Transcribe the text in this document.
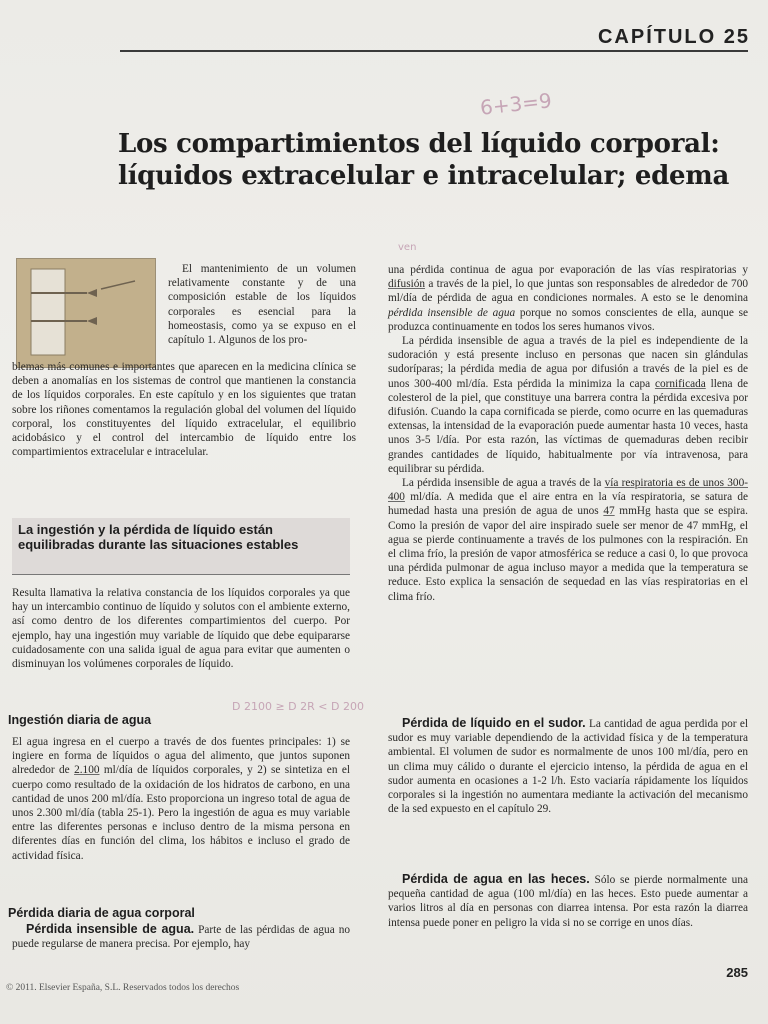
CAPÍTULO 25
6+3=9
Los compartimientos del líquido corporal:
líquidos extracelular e intracelular; edema

El mantenimiento de un volumen relativamente constante y de una composición estable de los líquidos corporales es esencial para la homeostasis, como ya se expuso en el capítulo 1. Algunos de los pro-

blemas más comunes e importantes que aparecen en la medicina clínica se deben a anomalías en los sistemas de control que mantienen la constancia de los líquidos corporales. En este capítulo y en los siguientes que tratan sobre los riñones comentamos la regulación global del volumen del líquido corporal, los constituyentes del líquido extracelular, el equilibrio acidobásico y el control del intercambio de líquido entre los compartimientos extracelular e intracelular.

La ingestión y la pérdida de líquido están equilibradas durante las situaciones estables

Resulta llamativa la relativa constancia de los líquidos corporales ya que hay un intercambio continuo de líquido y solutos con el ambiente externo, así como dentro de los diferentes compartimientos del cuerpo. Por ejemplo, hay una ingestión muy variable de líquido que debe equipararse cuidadosamente con una salida igual de agua para evitar que aumenten o disminuyan los volúmenes corporales de líquido.

Ingestión diaria de agua
D 2100 ≥ D 2R < D 200

El agua ingresa en el cuerpo a través de dos fuentes principales: 1) se ingiere en forma de líquidos o agua del alimento, que juntos suponen alrededor de 2.100 ml/día de líquidos corporales, y 2) se sintetiza en el cuerpo como resultado de la oxidación de los hidratos de carbono, en una cantidad de unos 200 ml/día. Esto proporciona un ingreso total de agua de unos 2.300 ml/día (tabla 25-1). Pero la ingestión de agua es muy variable entre las diferentes personas e incluso dentro de la misma persona en diferentes días en función del clima, los hábitos e incluso el grado de actividad física.

Pérdida diaria de agua corporal

Pérdida insensible de agua. Parte de las pérdidas de agua no puede regularse de manera precisa. Por ejemplo, hay

ven

una pérdida continua de agua por evaporación de las vías respiratorias y difusión a través de la piel, lo que juntas son responsables de alrededor de 700 ml/día de pérdida de agua en condiciones normales. A esto se le denomina pérdida insensible de agua porque no somos conscientes de ella, aunque se produzca continuamente en todos los seres humanos vivos.

La pérdida insensible de agua a través de la piel es independiente de la sudoración y está presente incluso en personas que nacen sin glándulas sudoríparas; la pérdida media de agua por difusión a través de la piel es de unos 300-400 ml/día. Esta pérdida la minimiza la capa cornificada llena de colesterol de la piel, que constituye una barrera contra la pérdida excesiva por difusión. Cuando la capa cornificada se pierde, como ocurre en las quemaduras extensas, la intensidad de la evaporación puede aumentar hasta 10 veces, hasta unos 3-5 l/día. Por esta razón, las víctimas de quemaduras deben recibir grandes cantidades de líquido, habitualmente por vía intravenosa, para equilibrar su pérdida.

La pérdida insensible de agua a través de la vía respiratoria es de unos 300-400 ml/día. A medida que el aire entra en la vía respiratoria, se satura de humedad hasta una presión de agua de unos 47 mmHg hasta que se espira. Como la presión de vapor del aire inspirado suele ser menor de 47 mmHg, el agua se pierde continuamente a través de los pulmones con la respiración. En el clima frío, la presión de vapor atmosférica se reduce a casi 0, lo que provoca una pérdida pulmonar de agua incluso mayor a medida que la temperatura se reduce. Esto explica la sensación de sequedad en las vías respiratorias en el clima frío.

Pérdida de líquido en el sudor. La cantidad de agua perdida por el sudor es muy variable dependiendo de la actividad física y de la temperatura ambiental. El volumen de sudor es normalmente de unos 100 ml/día, pero en un clima muy cálido o durante el ejercicio intenso, la pérdida de agua en el sudor aumenta en ocasiones a 1-2 l/h. Esto vaciaría rápidamente los líquidos corporales si la ingestión no aumentara mediante la activación del mecanismo de la sed expuesto en el capítulo 29.

Pérdida de agua en las heces. Sólo se pierde normalmente una pequeña cantidad de agua (100 ml/día) en las heces. Esto puede aumentar a varios litros al día en personas con diarrea intensa. Por esta razón la diarrea intensa puede poner en peligro la vida si no se corrige en unos días.

© 2011. Elsevier España, S.L. Reservados todos los derechos
285
